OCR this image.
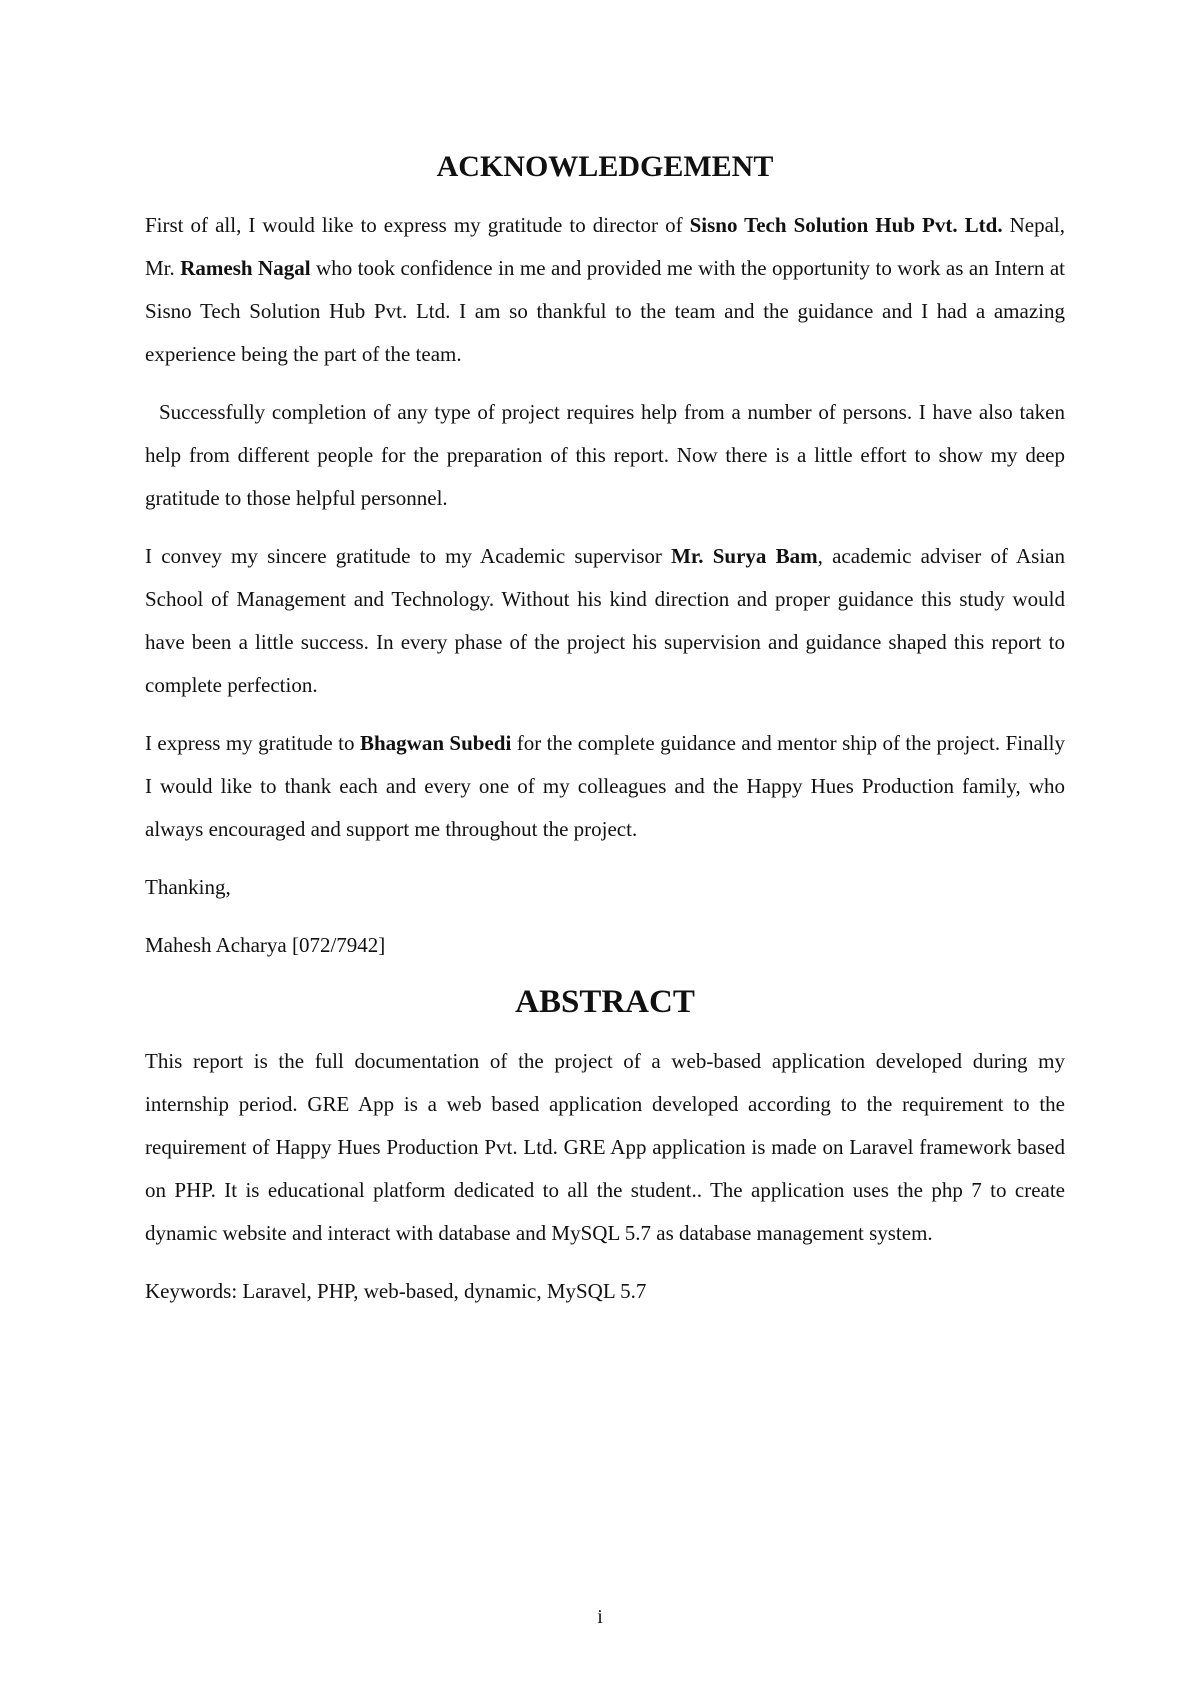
ACKNOWLEDGEMENT

First of all, I would like to express my gratitude to director of Sisno Tech Solution Hub Pvt. Ltd. Nepal, Mr. Ramesh Nagal who took confidence in me and provided me with the opportunity to work as an Intern at Sisno Tech Solution Hub Pvt. Ltd. I am so thankful to the team and the guidance and I had a amazing experience being the part of the team.

Successfully completion of any type of project requires help from a number of persons. I have also taken help from different people for the preparation of this report. Now there is a little effort to show my deep gratitude to those helpful personnel.

I convey my sincere gratitude to my Academic supervisor Mr. Surya Bam, academic adviser of Asian School of Management and Technology. Without his kind direction and proper guidance this study would have been a little success. In every phase of the project his supervision and guidance shaped this report to complete perfection.

I express my gratitude to Bhagwan Subedi for the complete guidance and mentor ship of the project. Finally I would like to thank each and every one of my colleagues and the Happy Hues Production family, who always encouraged and support me throughout the project.

Thanking,

Mahesh Acharya [072/7942]

ABSTRACT

This report is the full documentation of the project of a web-based application developed during my internship period. GRE App is a web based application developed according to the requirement to the requirement of Happy Hues Production Pvt. Ltd. GRE App application is made on Laravel framework based on PHP. It is educational platform dedicated to all the student.. The application uses the php 7 to create dynamic website and interact with database and MySQL 5.7 as database management system.

Keywords: Laravel, PHP, web-based, dynamic, MySQL 5.7

i
